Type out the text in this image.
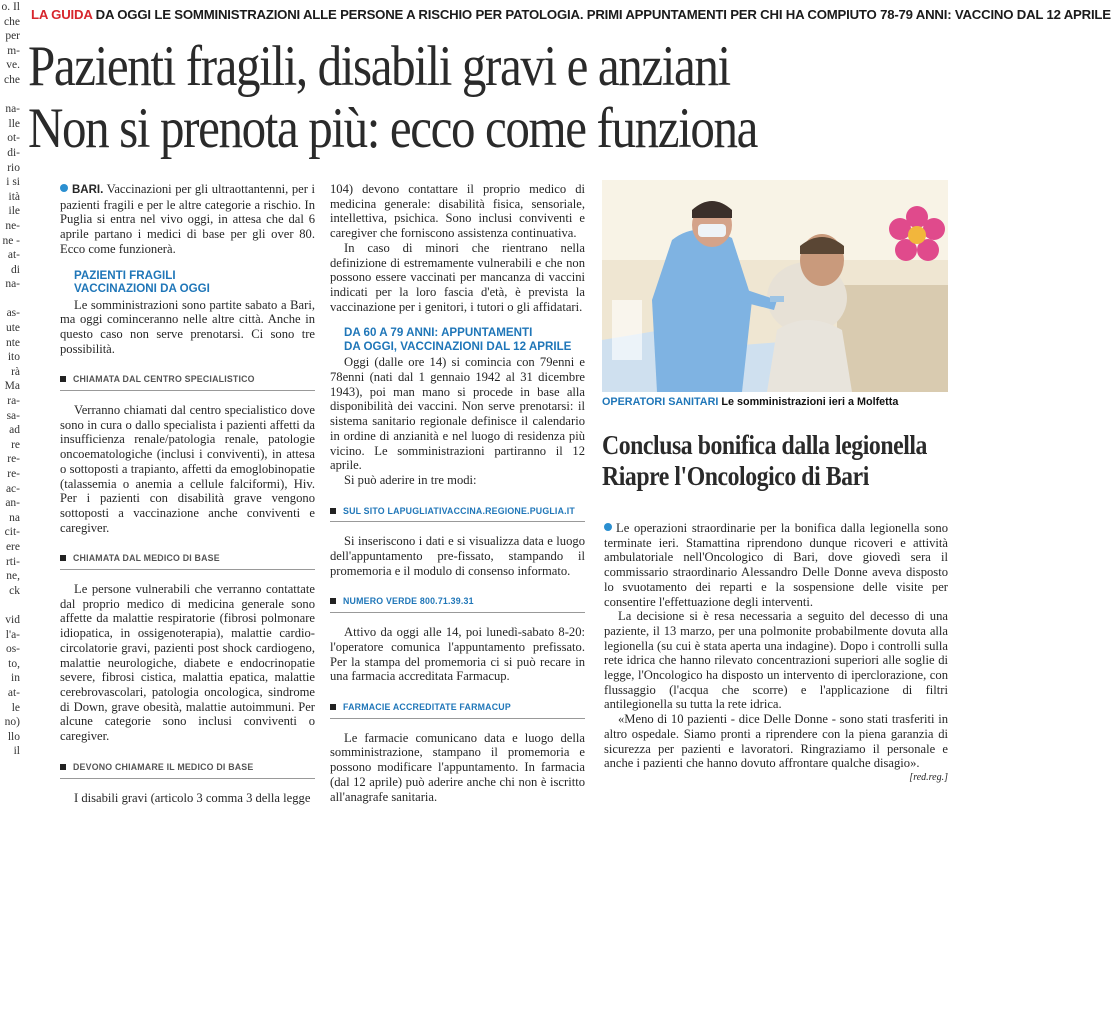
o. Il
che
per
m-
ve.
che

na-
lle
ot-
di-
rio
i si
ità
ile
ne-
ne -
at-
di
na-

as-
ute
nte
ito
rà
Ma
ra-
sa-
ad
re
re-
re-
ac-
an-
na
cit-
ere
rti-
ne,
ck

vid
l'a-
os-
to,
in
at-
le
no)
llo
il
LA GUIDA DA OGGI LE SOMMINISTRAZIONI ALLE PERSONE A RISCHIO PER PATOLOGIA. PRIMI APPUNTAMENTI PER CHI HA COMPIUTO 78-79 ANNI: VACCINO DAL 12 APRILE
Pazienti fragili, disabili gravi e anziani
Non si prenota più: ecco come funziona

BARI. Vaccinazioni per gli ultraottantenni, per i pazienti fragili e per le altre categorie a rischio. In Puglia si entra nel vivo oggi, in attesa che dal 6 aprile partano i medici di base per gli over 80. Ecco come funzionerà.

PAZIENTI FRAGILI
VACCINAZIONI DA OGGI

Le somministrazioni sono partite sabato a Bari, ma oggi cominceranno nelle altre città. Anche in questo caso non serve prenotarsi. Ci sono tre possibilità.

CHIAMATA DAL CENTRO SPECIALISTICO

Verranno chiamati dal centro specialistico dove sono in cura o dallo specialista i pazienti affetti da insufficienza renale/patologia renale, patologie oncoematologiche (inclusi i conviventi), in attesa o sottoposti a trapianto, affetti da emoglobinopatie (talassemia o anemia a cellule falciformi), Hiv. Per i pazienti con disabilità grave vengono sottoposti a vaccinazione anche conviventi e caregiver.

CHIAMATA DAL MEDICO DI BASE

Le persone vulnerabili che verranno contattate dal proprio medico di medicina generale sono affette da malattie respiratorie (fibrosi polmonare idiopatica, in ossigenoterapia), malattie cardio-circolatorie gravi, pazienti post shock cardiogeno, malattie neurologiche, diabete e endocrinopatie severe, fibrosi cistica, malattia epatica, malattie cerebrovascolari, patologia oncologica, sindrome di Down, grave obesità, malattie autoimmuni. Per alcune categorie sono inclusi conviventi o caregiver.

DEVONO CHIAMARE IL MEDICO DI BASE

I disabili gravi (articolo 3 comma 3 della legge

104) devono contattare il proprio medico di medicina generale: disabilità fisica, sensoriale, intellettiva, psichica. Sono inclusi conviventi e caregiver che forniscono assistenza continuativa.

In caso di minori che rientrano nella definizione di estremamente vulnerabili e che non possono essere vaccinati per mancanza di vaccini indicati per la loro fascia d'età, è prevista la vaccinazione per i genitori, i tutori o gli affidatari.

DA 60 A 79 ANNI: APPUNTAMENTI
DA OGGI, VACCINAZIONI DAL 12 APRILE

Oggi (dalle ore 14) si comincia con 79enni e 78enni (nati dal 1 gennaio 1942 al 31 dicembre 1943), poi man mano si procede in base alla disponibilità dei vaccini. Non serve prenotarsi: il sistema sanitario regionale definisce il calendario in ordine di anzianità e nel luogo di residenza più vicino. Le somministrazioni partiranno il 12 aprile.

Si può aderire in tre modi:

SUL SITO LAPUGLIATIVACCINA.REGIONE.PUGLIA.IT

Si inseriscono i dati e si visualizza data e luogo dell'appuntamento pre-fissato, stampando il promemoria e il modulo di consenso informato.

NUMERO VERDE 800.71.39.31

Attivo da oggi alle 14, poi lunedì-sabato 8-20: l'operatore comunica l'appuntamento prefissato. Per la stampa del promemoria ci si può recare in una farmacia accreditata Farmacup.

FARMACIE ACCREDITATE FARMACUP

Le farmacie comunicano data e luogo della somministrazione, stampano il promemoria e possono modificare l'appuntamento. In farmacia (dal 12 aprile) può aderire anche chi non è iscritto all'anagrafe sanitaria.

OPERATORI SANITARI Le somministrazioni ieri a Molfetta
Conclusa bonifica dalla legionella
Riapre l'Oncologico di Bari

Le operazioni straordinarie per la bonifica dalla legionella sono terminate ieri. Stamattina riprendono dunque ricoveri e attività ambulatoriale nell'Oncologico di Bari, dove giovedì sera il commissario straordinario Alessandro Delle Donne aveva disposto lo svuotamento dei reparti e la sospensione delle visite per consentire l'effettuazione degli interventi.

La decisione si è resa necessaria a seguito del decesso di una paziente, il 13 marzo, per una polmonite probabilmente dovuta alla legionella (su cui è stata aperta una indagine). Dopo i controlli sulla rete idrica che hanno rilevato concentrazioni superiori alle soglie di legge, l'Oncologico ha disposto un intervento di iperclorazione, con flussaggio (l'acqua che scorre) e l'applicazione di filtri antilegionella su tutta la rete idrica.

«Meno di 10 pazienti - dice Delle Donne - sono stati trasferiti in altro ospedale. Siamo pronti a riprendere con la piena garanzia di sicurezza per pazienti e lavoratori. Ringraziamo il personale e anche i pazienti che hanno dovuto affrontare qualche disagio».
[red.reg.]
